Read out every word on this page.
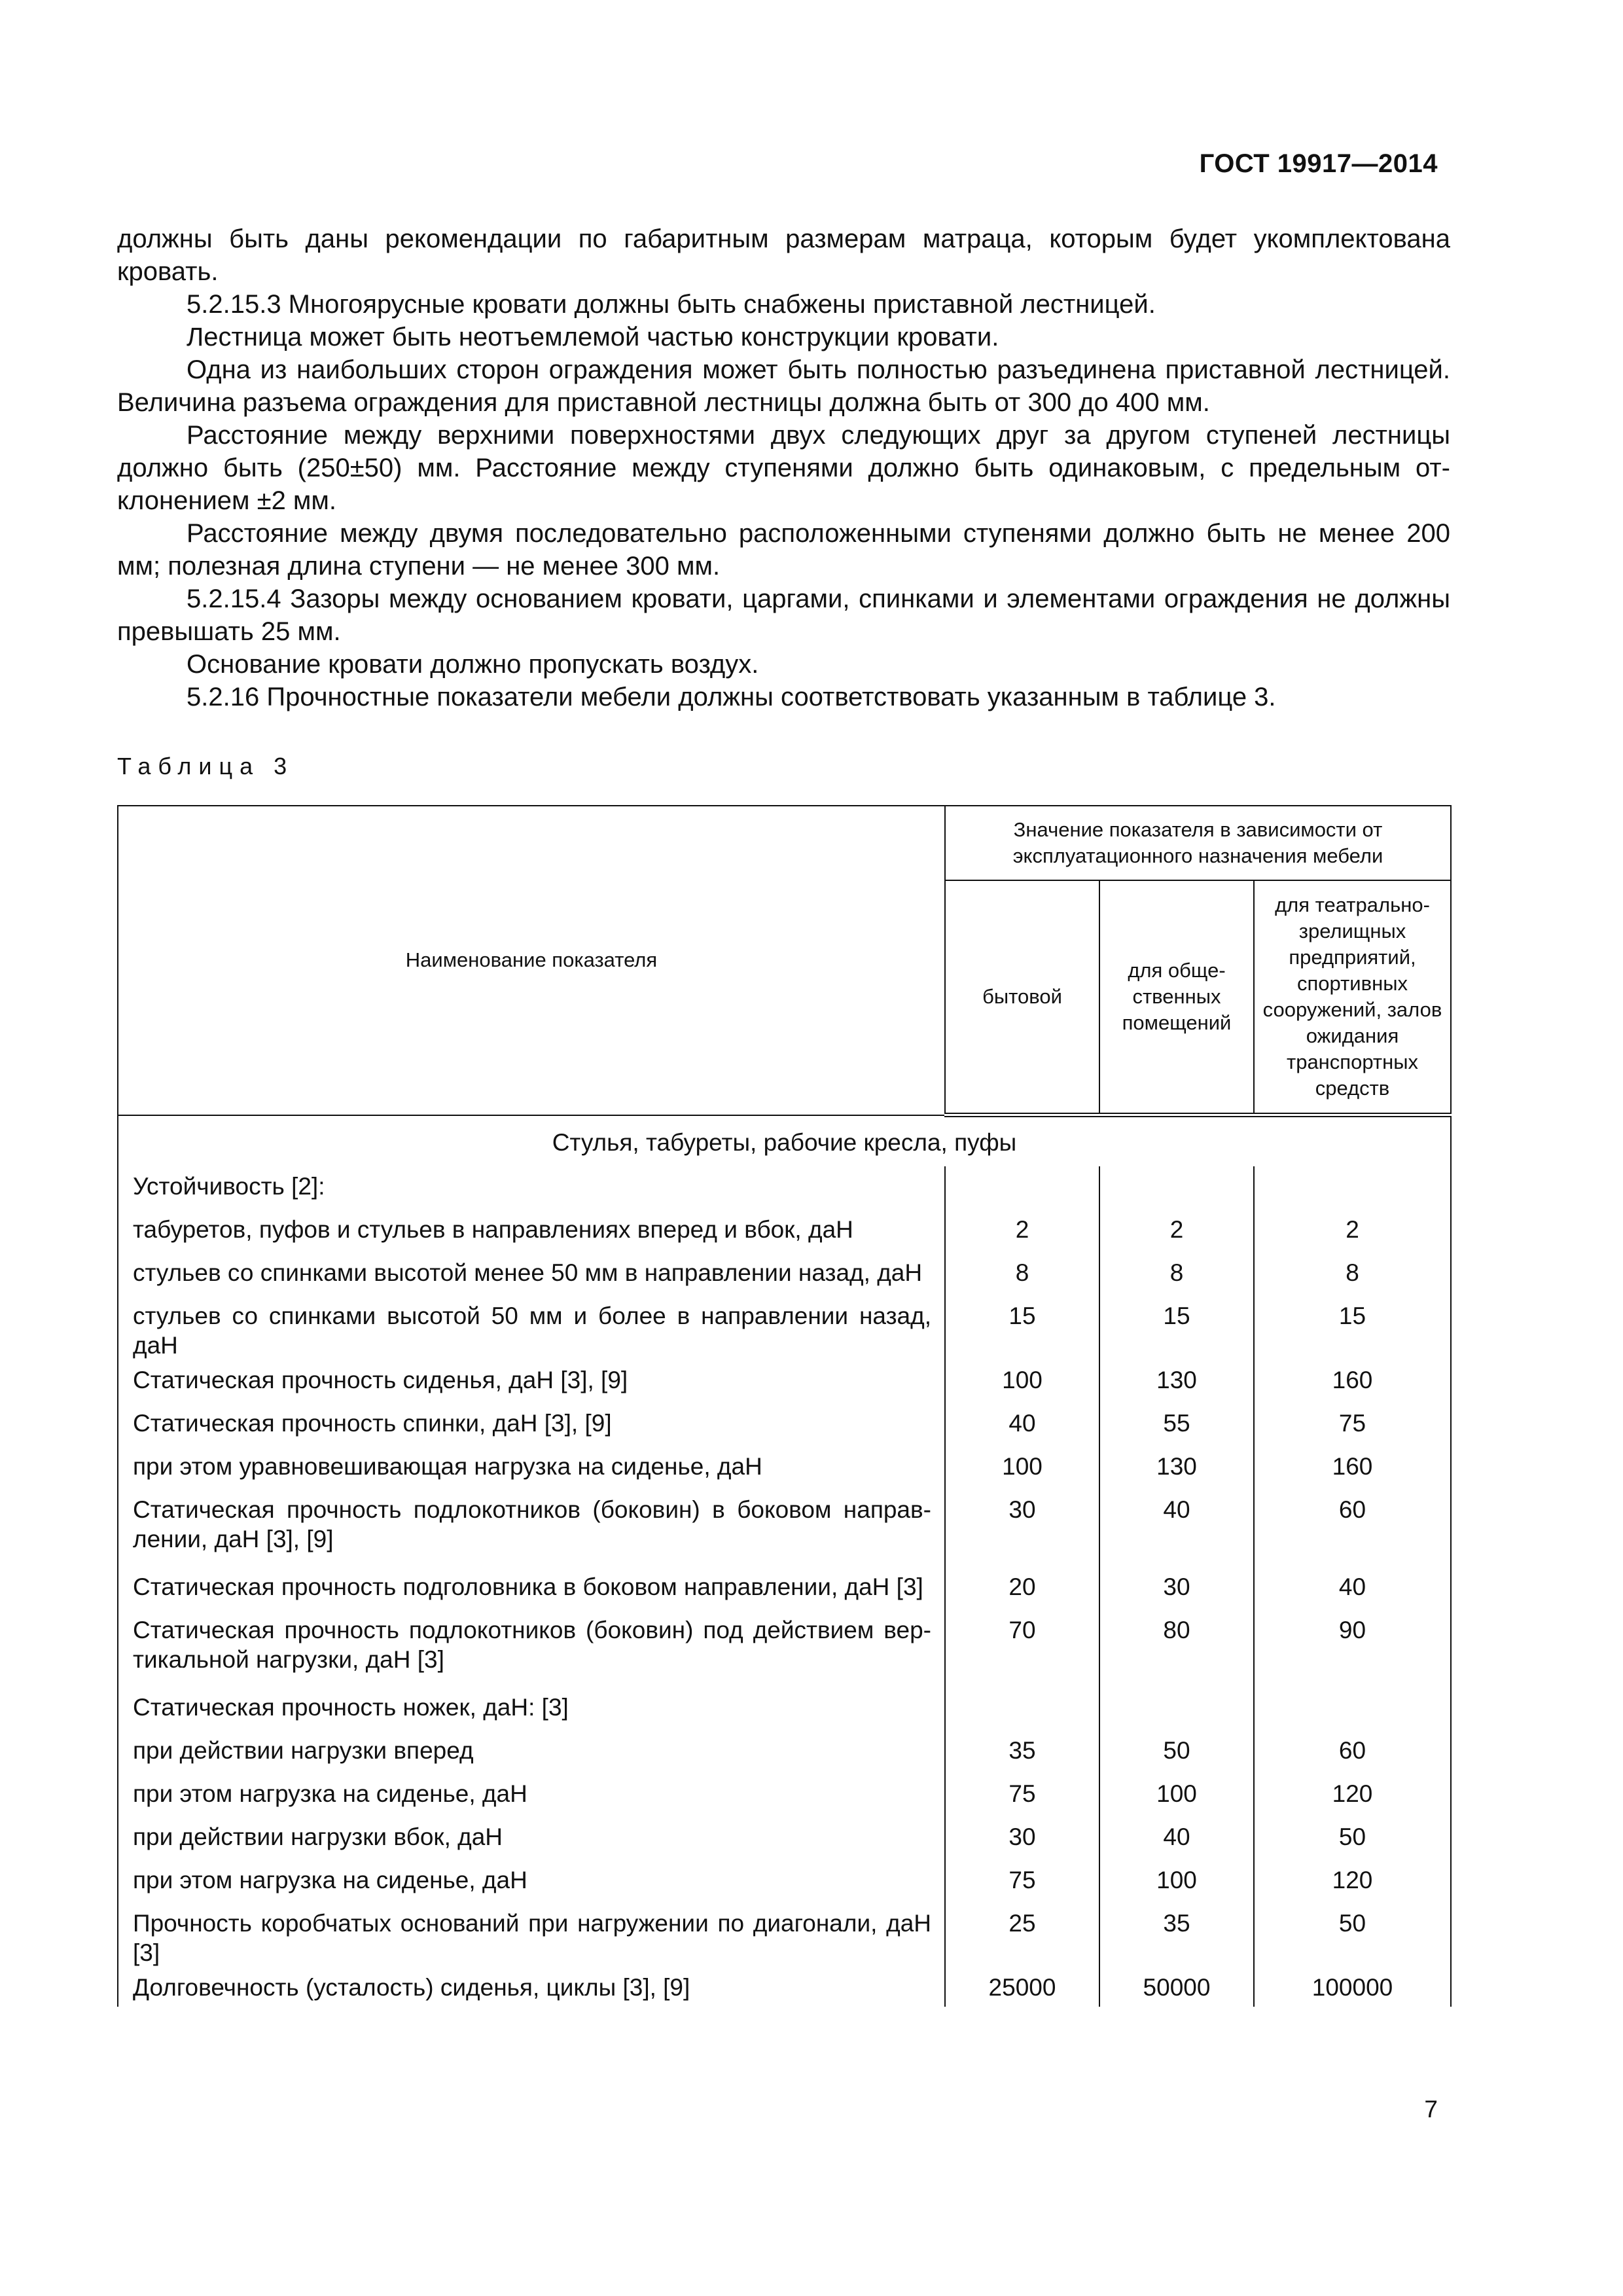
ГОСТ 19917—2014

должны быть даны рекомендации по габаритным размерам матраца, которым будет укомплектована кровать.

5.2.15.3 Многоярусные кровати должны быть снабжены приставной лестницей.

Лестница может быть неотъемлемой частью конструкции кровати.

Одна из наибольших сторон ограждения может быть полностью разъединена приставной лестницей. Величина разъема ограждения для приставной лестницы должна быть от 300 до 400 мм.

Расстояние между верхними поверхностями двух следующих друг за другом ступеней лестницы должно быть (250±50) мм. Расстояние между ступенями должно быть одинаковым, с предельным отклонением ±2 мм.

Расстояние между двумя последовательно расположенными ступенями должно быть не менее 200 мм; полезная длина ступени — не менее 300 мм.

5.2.15.4 Зазоры между основанием кровати, царгами, спинками и элементами ограждения не должны превышать 25 мм.

Основание кровати должно пропускать воздух.

5.2.16 Прочностные показатели мебели должны соответствовать указанным в таблице 3.

Таблица 3
Наименование показателя	Значение показателя в зависимости от эксплуатационного назначения мебели		
	бытовой	для общественных помещений	для театрально-зрелищных предприятий, спортивных сооружений, залов ожидания транспортных средств
Стулья, табуреты, рабочие кресла, пуфы			
Устойчивость [2]:			
табуретов, пуфов и стульев в направлениях вперед и вбок, даН	2	2	2
стульев со спинками высотой менее 50 мм в направлении назад, даН	8	8	8
стульев со спинками высотой 50 мм и более в направлении назад, даН	15	15	15
Статическая прочность сиденья, даН [3], [9]	100	130	160
Статическая прочность спинки, даН [3], [9]	40	55	75
при этом уравновешивающая нагрузка на сиденье, даН	100	130	160
Статическая прочность подлокотников (боковин) в боковом направлении, даН [3], [9]	30	40	60
Статическая прочность подголовника в боковом направлении, даН [3]	20	30	40
Статическая прочность подлокотников (боковин) под действием вертикальной нагрузки, даН [3]	70	80	90
Статическая прочность ножек, даН: [3]			
при действии нагрузки вперед	35	50	60
при этом нагрузка на сиденье, даН	75	100	120
при действии нагрузки вбок, даН	30	40	50
при этом нагрузка на сиденье, даН	75	100	120
Прочность коробчатых оснований при нагружении по диагонали, даН [3]	25	35	50
Долговечность (усталость) сиденья, циклы [3], [9]	25000	50000	100000
7
